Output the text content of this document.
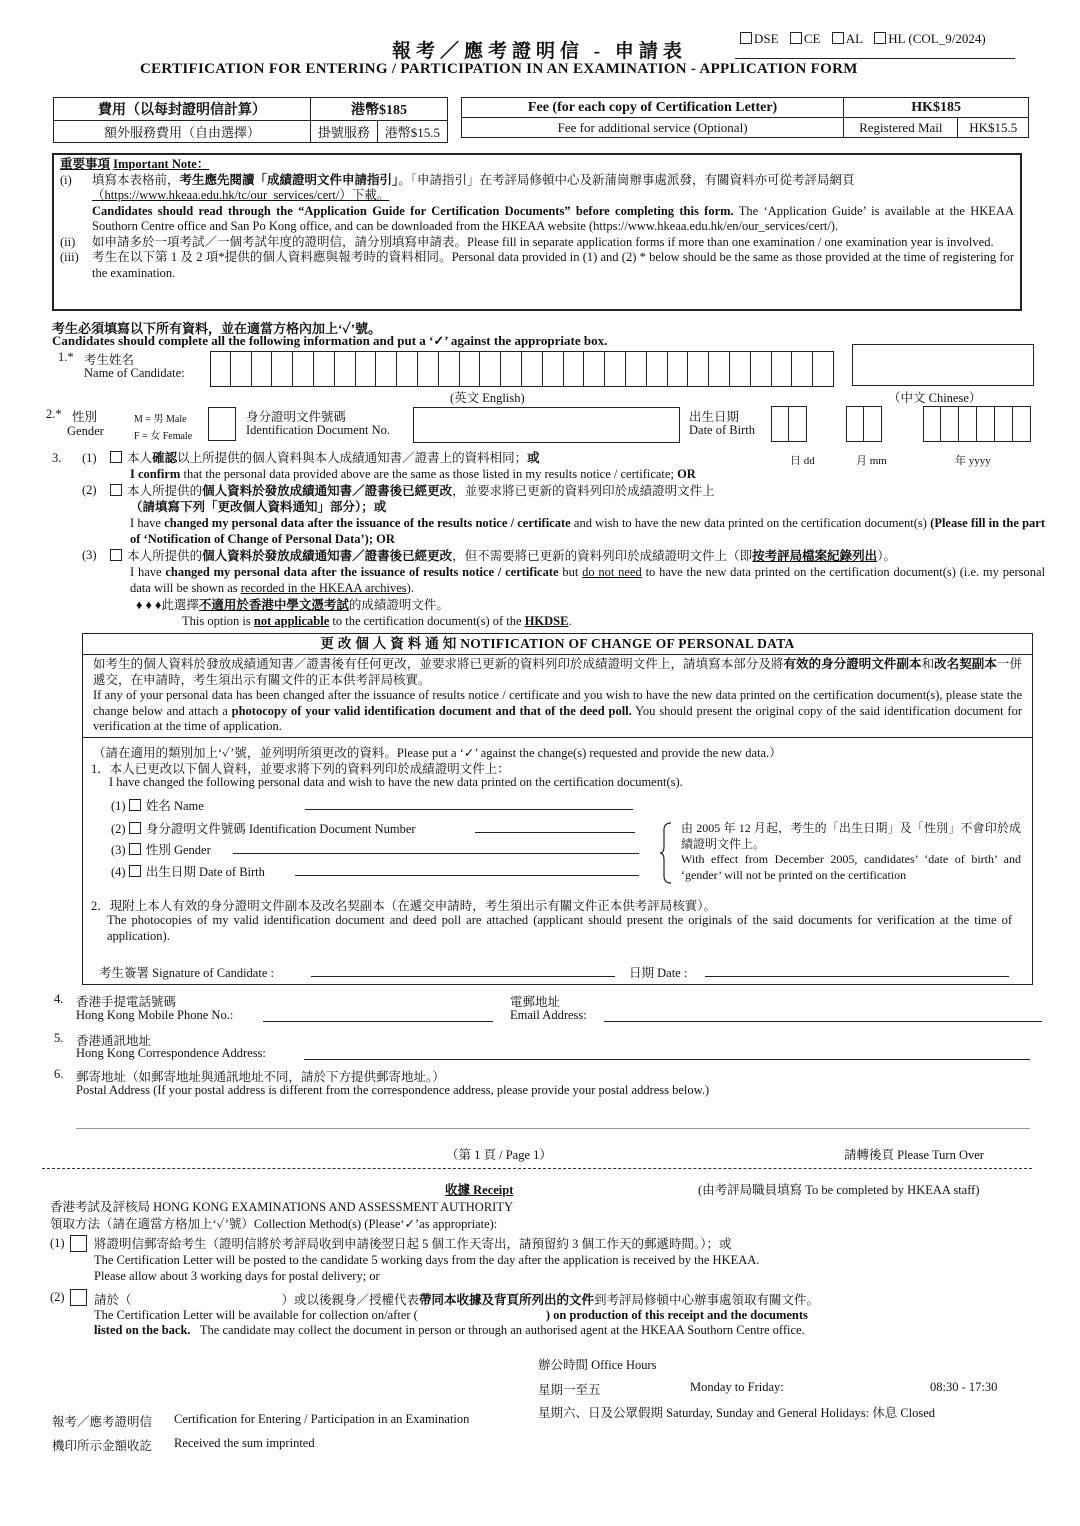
報考／應考證明信 - 申請表
CERTIFICATION FOR ENTERING / PARTICIPATION IN AN EXAMINATION - APPLICATION FORM
DSE CE AL HL (COL_9/2024)
費用（以每封證明信計算）	港幣$185	
額外服務費用（自由選擇）	掛號服務	港幣$15.5
Fee (for each copy of Certification Letter)	HK$185	
Fee for additional service (Optional)	Registered Mail	HK$15.5
重要事項 Important Note：
(i) 填寫本表格前，考生應先閱讀「成績證明文件申請指引」。「申請指引」在考評局修頓中心及新蒲崗辦事處派發，有關資料亦可從考評局網頁
（https://www.hkeaa.edu.hk/tc/our_services/cert/）下載。
Candidates should read through the “Application Guide for Certification Documents” before completing this form. The ‘Application Guide’ is available at the HKEAA Southorn Centre office and San Po Kong office, and can be downloaded from the HKEAA website (https://www.hkeaa.edu.hk/en/our_services/cert/).
(ii) 如申請多於一項考試／一個考試年度的證明信，請分別填寫申請表。Please fill in separate application forms if more than one examination / one examination year is involved.
(iii) 考生在以下第 1 及 2 項*提供的個人資料應與報考時的資料相同。Personal data provided in (1) and (2) * below should be the same as those provided at the time of registering for the examination.
考生必須填寫以下所有資料，並在適當方格內加上‘✓’號。
Candidates should complete all the following information and put a ‘✓’ against the appropriate box.
1.* 考生姓名
Name of Candidate:
(英文 English)	（中文 Chinese）
2.* 性別
Gender
M = 男 Male
F = 女 Female
身分證明文件號碼
Identification Document No.
出生日期
Date of Birth
日 dd	月 mm	年 yyyy
3. (1)	本人確認以上所提供的個人資料與本人成績通知書／證書上的資料相同；或
I confirm that the personal data provided above are the same as those listed in my results notice / certificate; OR
(2)	本人所提供的個人資料於發放成績通知書／證書後已經更改，並要求將已更新的資料列印於成績證明文件上

（請填寫下列「更改個人資料通知」部分）；或
I have changed my personal data after the issuance of the results notice / certificate and wish to have the new data printed on the certification document(s) (Please fill in the part of ‘Notification of Change of Personal Data’); OR
(3)	本人所提供的個人資料於發放成績通知書／證書後已經更改，但不需要將已更新的資料列印於成績證明文件上（即按考評局檔案紀錄列出）。

I have changed my personal data after the issuance of results notice / certificate but do not need to have the new data printed on the certification document(s) (i.e. my personal data will be shown as recorded in the HKEAA archives).
♦ ♦ ♦此選擇不適用於香港中學文憑考試的成績證明文件。
This option is not applicable to the certification document(s) of the HKDSE.
更 改 個 人 資 料 通 知 NOTIFICATION OF CHANGE OF PERSONAL DATA
如考生的個人資料於發放成績通知書／證書後有任何更改，並要求將已更新的資料列印於成績證明文件上，請填寫本部分及將有效的身分證明文件副本和改名契副本一併遞交，在申請時，考生須出示有關文件的正本供考評局核實。
If any of your personal data has been changed after the issuance of results notice / certificate and you wish to have the new data printed on the certification document(s), please state the change below and attach a photocopy of your valid identification document and that of the deed poll. You should present the original copy of the said identification document for verification at the time of application.
（請在適用的類別加上‘✓’號，並列明所須更改的資料。Please put a ‘✓’ against the change(s) requested and provide the new data.）
1．本人已更改以下個人資料，並要求將下列的資料列印於成績證明文件上：
I have changed the following personal data and wish to have the new data printed on the certification document(s).
(1) 姓名 Name
(2) 身分證明文件號碼 Identification Document Number
(3) 性別 Gender
(4) 出生日期 Date of Birth
由 2005 年 12 月起，考生的「出生日期」及「性別」不會印於成績證明文件上。
With effect from December 2005, candidates’ ‘date of birth’ and ‘gender’ will not be printed on the certification
2．現附上本人有效的身分證明文件副本及改名契副本（在遞交申請時，考生須出示有關文件正本供考評局核實）。
The photocopies of my valid identification document and deed poll are attached (applicant should present the originals of the said documents for verification at the time of application).
考生簽署 Signature of Candidate :	日期 Date :
4. 香港手提電話號碼
Hong Kong Mobile Phone No.:
電郵地址
Email Address:
5. 香港通訊地址
Hong Kong Correspondence Address:
6. 郵寄地址（如郵寄地址與通訊地址不同，請於下方提供郵寄地址。）
Postal Address (If your postal address is different from the correspondence address, please provide your postal address below.)
（第 1 頁 / Page 1）	請轉後頁 Please Turn Over
收據 Receipt	(由考評局職員填寫 To be completed by HKEAA staff)
香港考試及評核局 HONG KONG EXAMINATIONS AND ASSESSMENT AUTHORITY
領取方法（請在適當方格加上‘✓’號）Collection Method(s) (Please‘✓’as appropriate):
(1) 將證明信郵寄給考生（證明信將於考評局收到申請後翌日起 5 個工作天寄出，請預留約 3 個工作天的郵遞時間。）；或
The Certification Letter will be posted to the candidate 5 working days from the day after the application is received by the HKEAA.
Please allow about 3 working days for postal delivery; or
(2) 請於（	）或以後親身／授權代表帶同本收據及背頁所列出的文件到考評局修頓中心辦事處領取有關文件。
The Certification Letter will be available for collection on/after (	) on production of this receipt and the documents
listed on the back. The candidate may collect the document in person or through an authorised agent at the HKEAA Southorn Centre office.
辦公時間 Office Hours
星期一至五	Monday to Friday:	08:30 - 17:30
星期六、日及公眾假期 Saturday, Sunday and General Holidays: 休息 Closed
報考／應考證明信 Certification for Entering / Participation in an Examination
機印所示金額收訖 Received the sum imprinted
